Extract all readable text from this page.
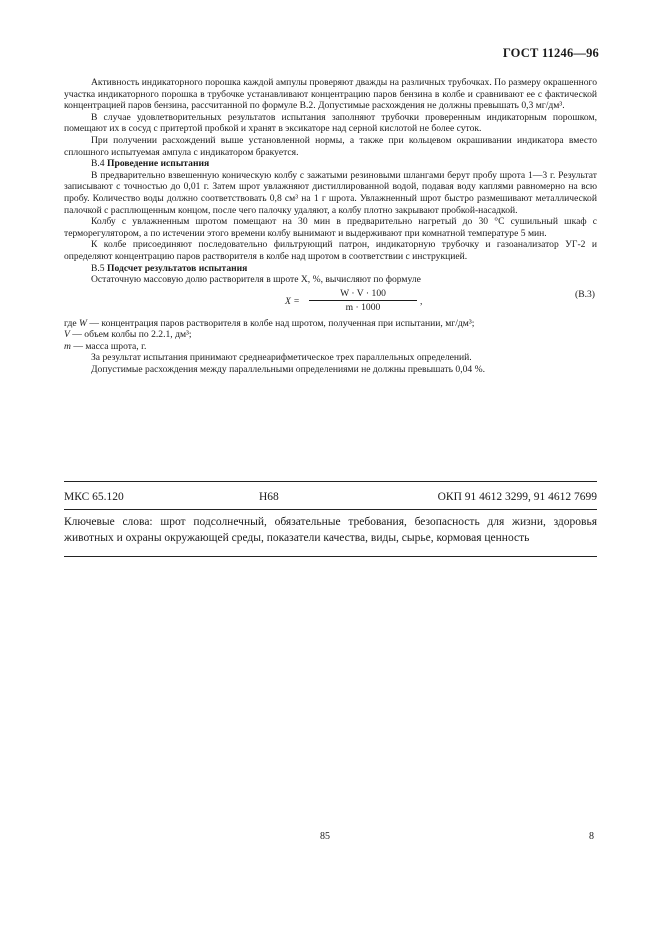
ГОСТ 11246—96

Активность индикаторного порошка каждой ампулы проверяют дважды на различных трубочках. По размеру окрашенного участка индикаторного порошка в трубочке устанавливают концентрацию паров бензина в колбе и сравнивают ее с фактической концентрацией паров бензина, рассчитанной по формуле В.2. Допустимые расхождения не должны превышать 0,3 мг/дм³.

В случае удовлетворительных результатов испытания заполняют трубочки проверенным индикаторным порошком, помещают их в сосуд с притертой пробкой и хранят в эксикаторе над серной кислотой не более суток.

При получении расхождений выше установленной нормы, а также при кольцевом окрашивании индикатора вместо сплошного испытуемая ампула с индикатором бракуется.

В.4 Проведение испытания

В предварительно взвешенную коническую колбу с зажатыми резиновыми шлангами берут пробу шрота 1—3 г. Результат записывают с точностью до 0,01 г. Затем шрот увлажняют дистиллированной водой, подавая воду каплями равномерно на всю пробу. Количество воды должно соответствовать 0,8 см³ на 1 г шрота. Увлажненный шрот быстро размешивают металлической палочкой с расплющенным концом, после чего палочку удаляют, а колбу плотно закрывают пробкой-насадкой.

Колбу с увлажненным шротом помещают на 30 мин в предварительно нагретый до 30 °С сушильный шкаф с терморегулятором, а по истечении этого времени колбу вынимают и выдерживают при комнатной температуре 5 мин.

К колбе присоединяют последовательно фильтрующий патрон, индикаторную трубочку и газоанализатор УГ-2 и определяют концентрацию паров растворителя в колбе над шротом в соответствии с инструкцией.

В.5 Подсчет результатов испытания

Остаточную массовую долю растворителя в шроте X, %, вычисляют по формуле

$X = \frac{W \cdot V \cdot 100}{m \cdot 1000}$ ,
(В.3)

где W — концентрация паров растворителя в колбе над шротом, полученная при испытании, мг/дм³;

V — объем колбы по 2.2.1, дм³;

m — масса шрота, г.

За результат испытания принимают среднеарифметическое трех параллельных определений.

Допустимые расхождения между параллельными определениями не должны превышать 0,04 %.

МКС 65.120	Н68	ОКП 91 4612 3299, 91 4612 7699
Ключевые слова: шрот подсолнечный, обязательные требования, безопасность для жизни, здоровья животных и охраны окружающей среды, показатели качества, виды, сырье, кормовая ценность
85	8
